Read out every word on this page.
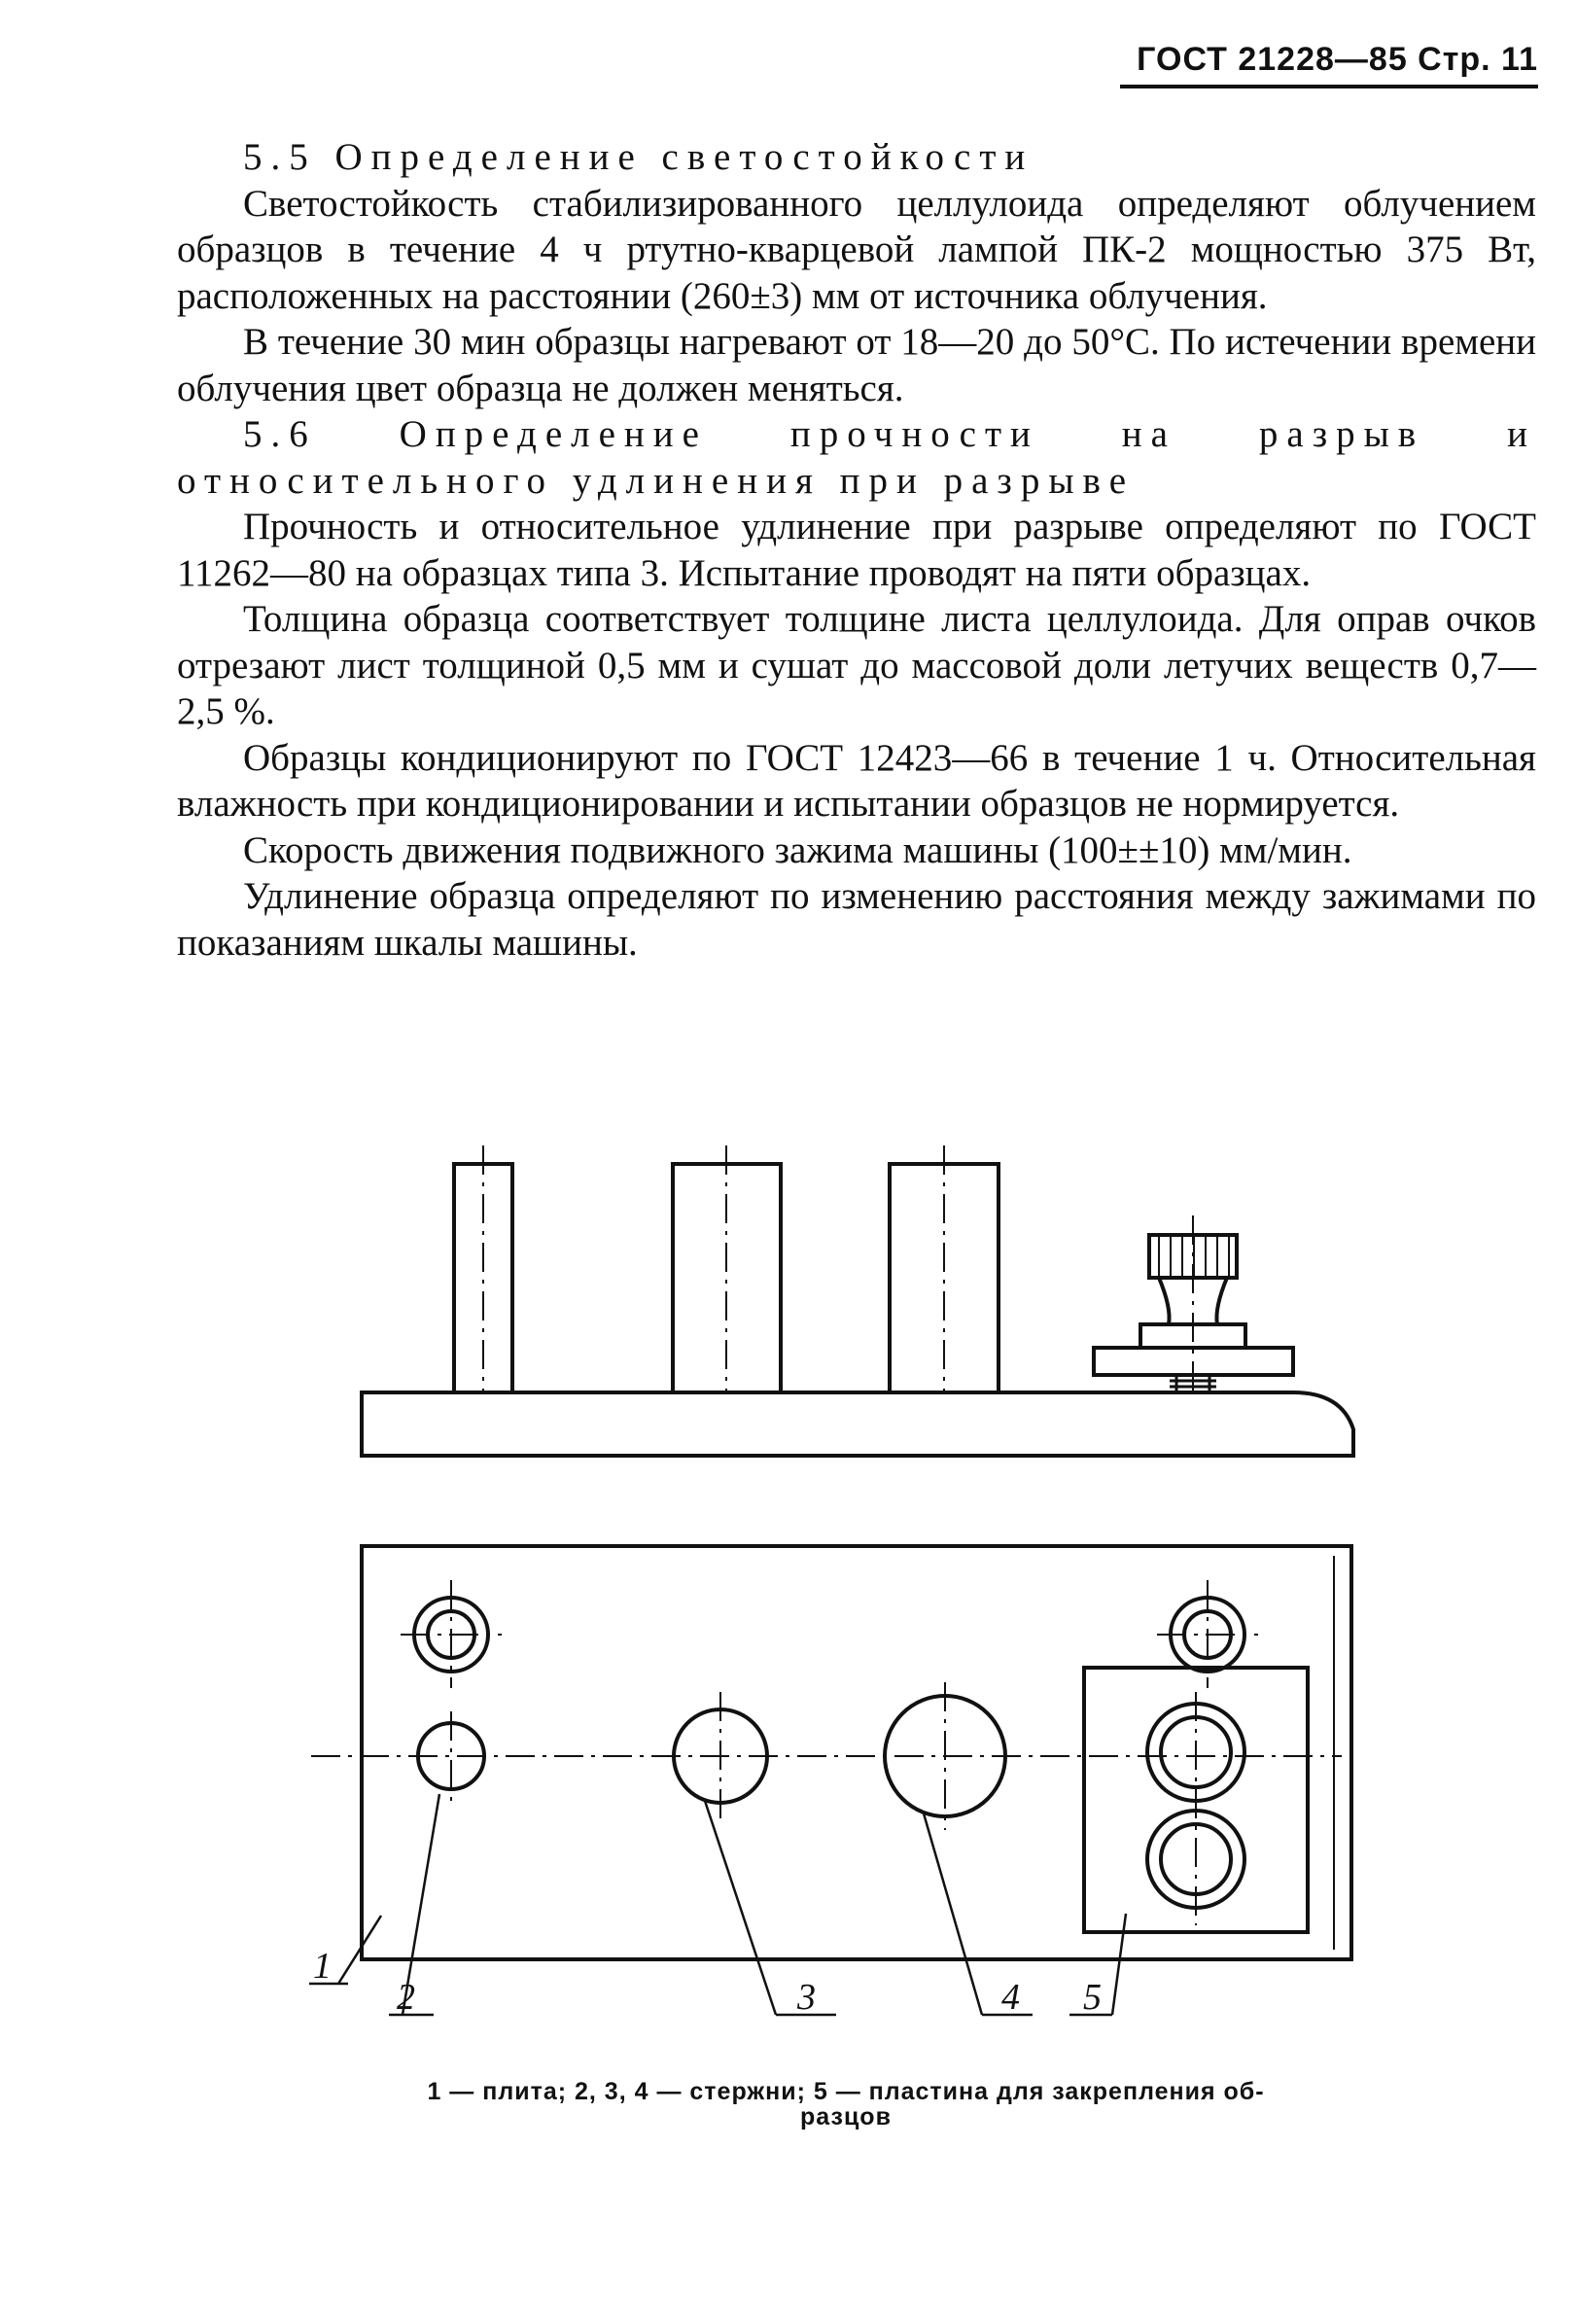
ГОСТ 21228—85 Стр. 11

5.5 Определение светостойкости

Светостойкость стабилизированного целлулоида определяют облучением образцов в течение 4 ч ртутно-кварцевой лампой ПК-2 мощностью 375 Вт, расположенных на расстоянии (260±3) мм от источника облучения.

В течение 30 мин образцы нагревают от 18—20 до 50°С. По истечении времени облучения цвет образца не должен меняться.

5.6 Определение прочности на разрыв и относительного удлинения при разрыве

Прочность и относительное удлинение при разрыве определяют по ГОСТ 11262—80 на образцах типа 3. Испытание проводят на пяти образцах.

Толщина образца соответствует толщине листа целлулоида. Для оправ очков отрезают лист толщиной 0,5 мм и сушат до массовой доли летучих веществ 0,7—2,5 %.

Образцы кондиционируют по ГОСТ 12423—66 в течение 1 ч. Относительная влажность при кондиционировании и испытании образцов не нормируется.

Скорость движения подвижного зажима машины (100±±10) мм/мин.

Удлинение образца определяют по изменению расстояния между зажимами по показаниям шкалы машины.

1
2	3	4 5
1 — плита; 2, 3, 4 — стержни; 5 — пластина для закрепления об-
разцов
